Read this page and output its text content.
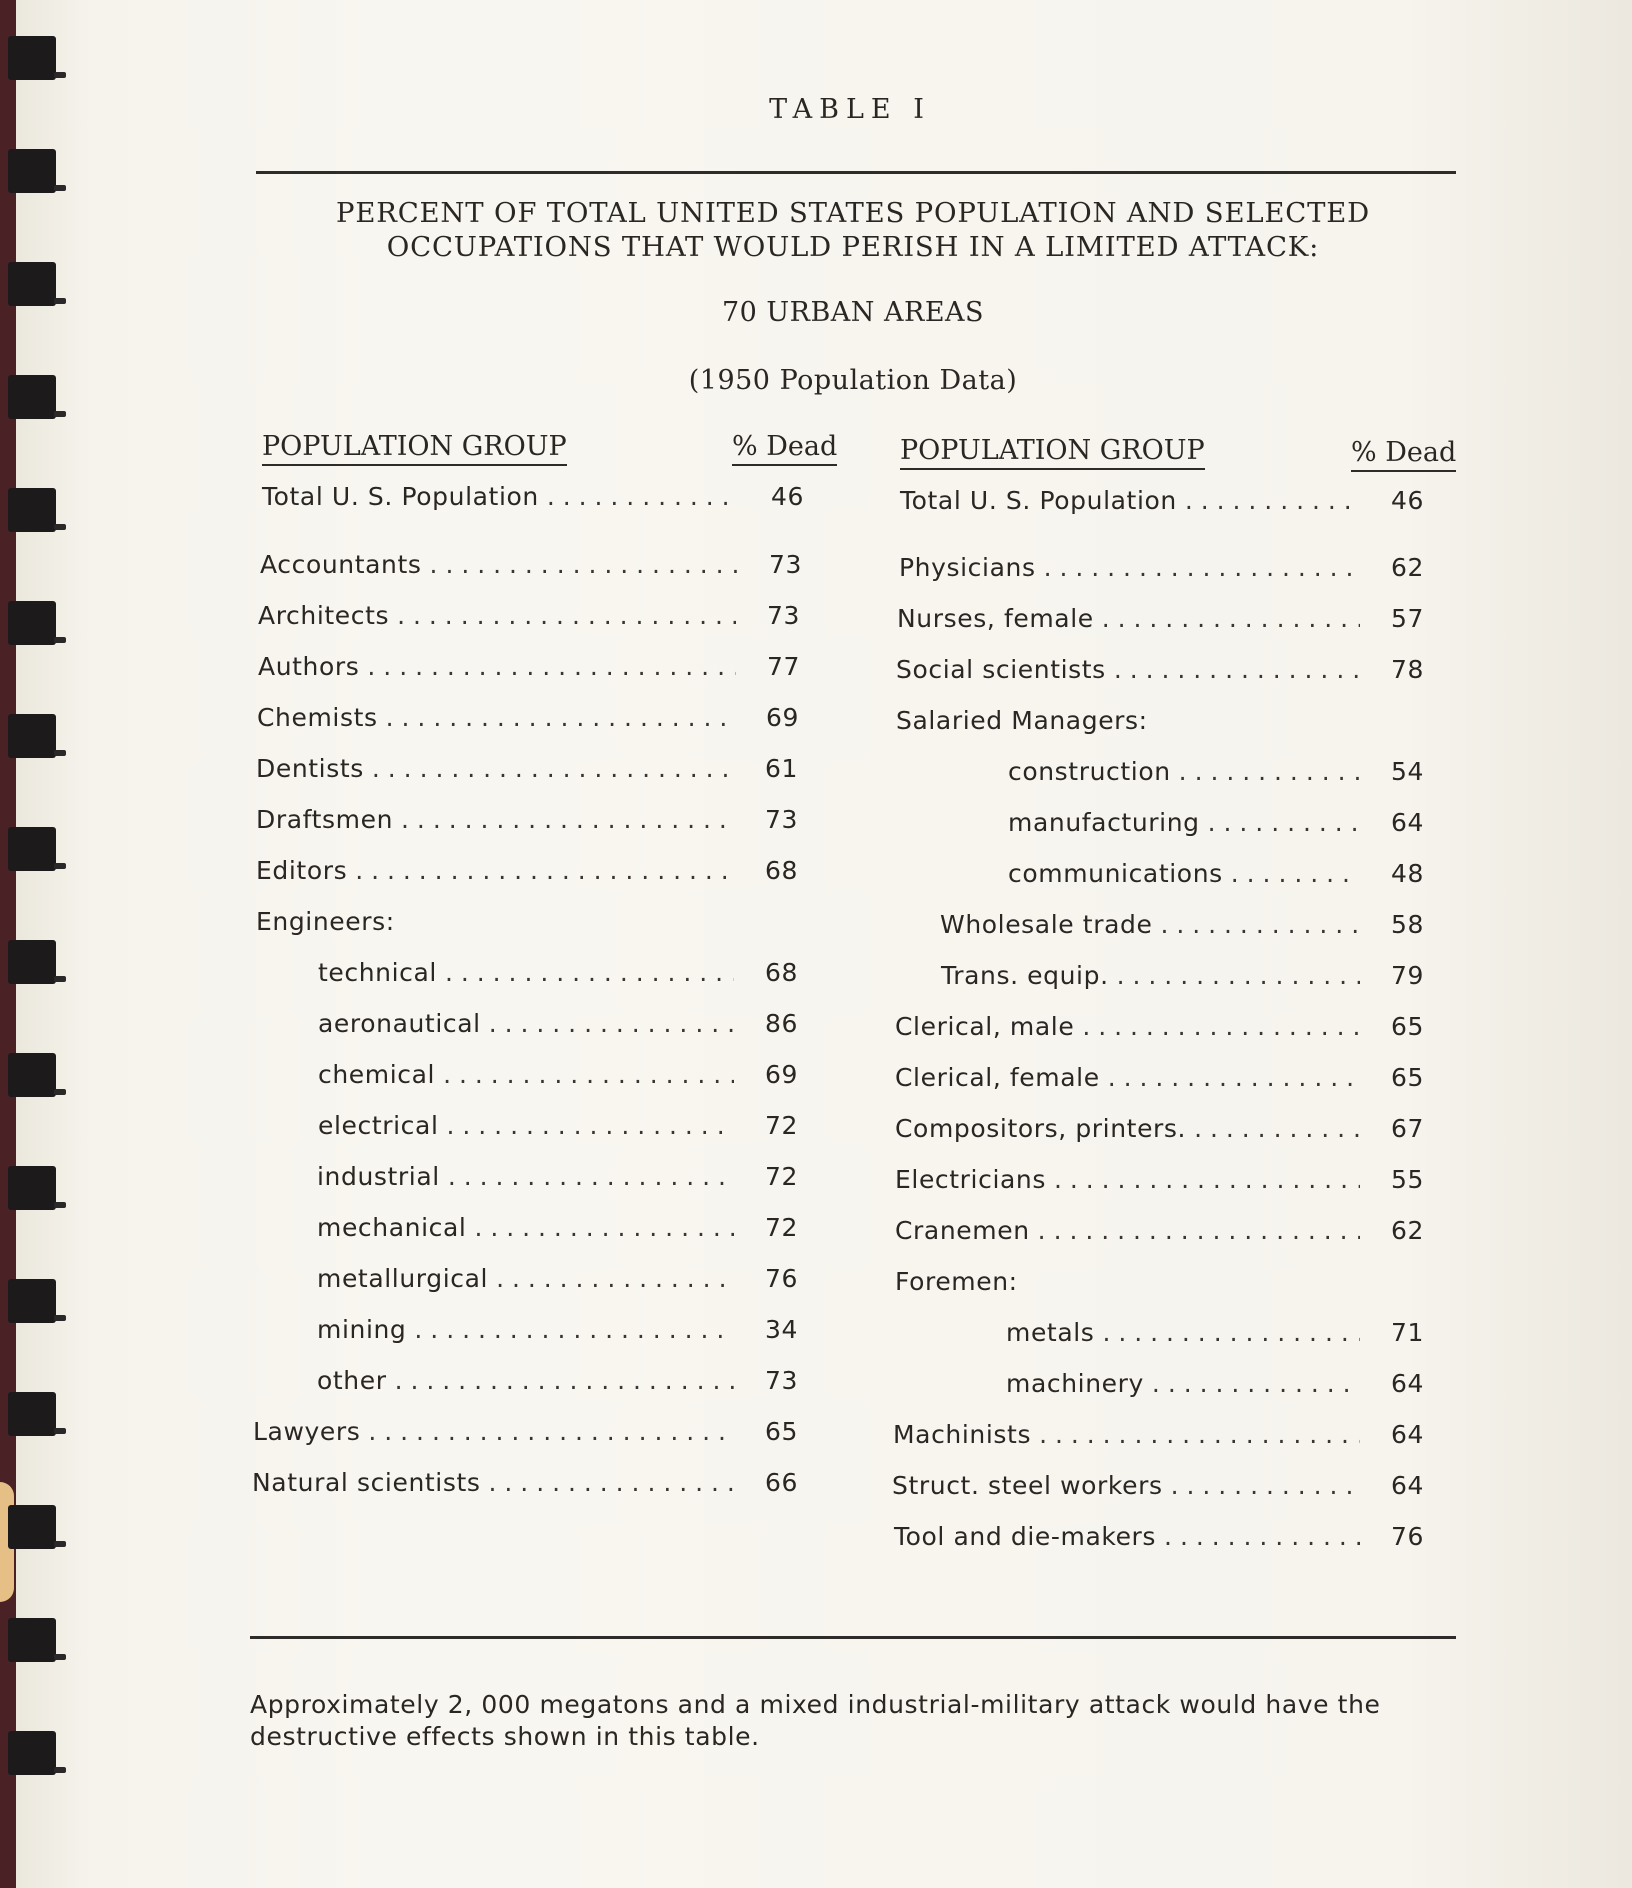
TABLE I
PERCENT OF TOTAL UNITED STATES POPULATION AND SELECTED
OCCUPATIONS THAT WOULD PERISH IN A LIMITED ATTACK:
70 URBAN AREAS
(1950 Population Data)
POPULATION GROUP	% Dead POPULATION GROUP	% Dead
Total U. S. Population . . .	46
Accountants . . .	73
Architects . . .	73
Authors . . .	77
Chemists . . .	69
Dentists . . .	61
Draftsmen . . .	73
Editors . . .	68
Engineers:
technical . . .	68
aeronautical . . .	86
chemical . . .	69
electrical . . .	72
industrial . . .	72
mechanical . . .	72
metallurgical . . .	76
mining . . .	34
other . . .	73
Lawyers . . .	65
Natural scientists . . .	66
Total U. S. Population . . .	46
Physicians . . .	62
Nurses, female . . .	57
Social scientists . . .	78
Salaried Managers:
construction . . .	54
manufacturing . . .	64
communications . . .	48
Wholesale trade . . .	58
Trans. equip. . . .	79
Clerical, male . . .	65
Clerical, female . . .	65
Compositors, printers. . . .	67
Electricians . . .	55
Cranemen . . .	62
Foremen:
metals . . .	71
machinery . . .	64
Machinists . . .	64
Struct. steel workers . . .	64
Tool and die-makers . . .	76
Approximately 2, 000 megatons and a mixed industrial-military attack would have the destructive effects shown in this table.
